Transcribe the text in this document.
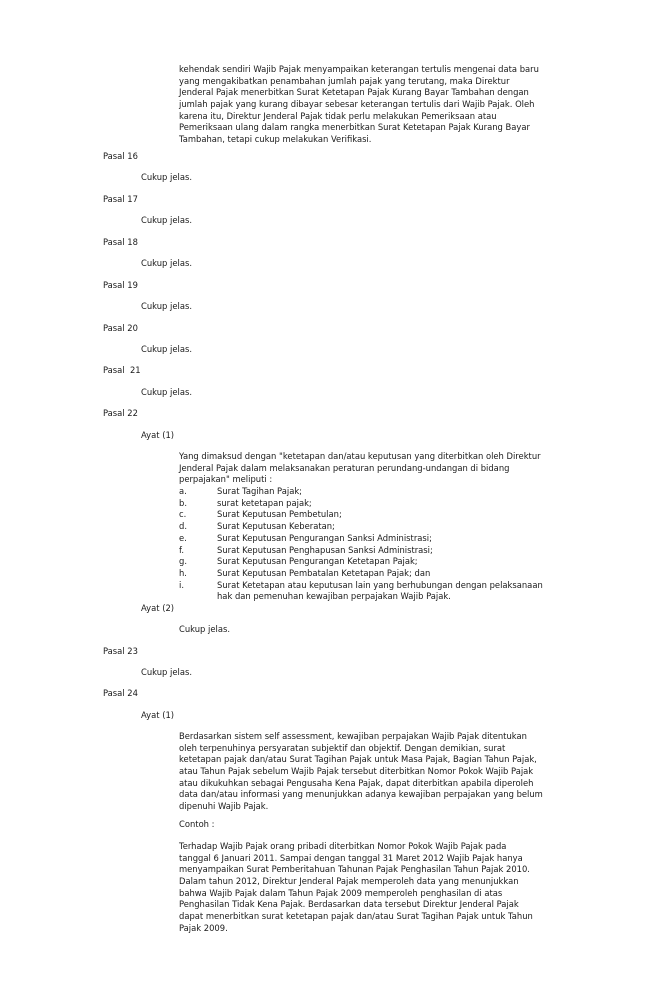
kehendak sendiri Wajib Pajak menyampaikan keterangan tertulis mengenai data baru
yang mengakibatkan penambahan jumlah pajak yang terutang, maka Direktur
Jenderal Pajak menerbitkan Surat Ketetapan Pajak Kurang Bayar Tambahan dengan
jumlah pajak yang kurang dibayar sebesar keterangan tertulis dari Wajib Pajak. Oleh
karena itu, Direktur Jenderal Pajak tidak perlu melakukan Pemeriksaan atau
Pemeriksaan ulang dalam rangka menerbitkan Surat Ketetapan Pajak Kurang Bayar
Tambahan, tetapi cukup melakukan Verifikasi.
Pasal 16
Cukup jelas.
Pasal 17
Cukup jelas.
Pasal 18
Cukup jelas.
Pasal 19
Cukup jelas.
Pasal 20
Cukup jelas.
Pasal  21
Cukup jelas.
Pasal 22
Ayat (1)
Yang dimaksud dengan "ketetapan dan/atau keputusan yang diterbitkan oleh Direktur
Jenderal Pajak dalam melaksanakan peraturan perundang-undangan di bidang
perpajakan" meliputi :
a.	Surat Tagihan Pajak;
b.	surat ketetapan pajak;
c.	Surat Keputusan Pembetulan;
d.	Surat Keputusan Keberatan;
e.	Surat Keputusan Pengurangan Sanksi Administrasi;
f.	Surat Keputusan Penghapusan Sanksi Administrasi;
g.	Surat Keputusan Pengurangan Ketetapan Pajak;
h.	Surat Keputusan Pembatalan Ketetapan Pajak; dan
i.	Surat Ketetapan atau keputusan lain yang berhubungan dengan pelaksanaan
hak dan pemenuhan kewajiban perpajakan Wajib Pajak.
Ayat (2)
Cukup jelas.
Pasal 23
Cukup jelas.
Pasal 24
Ayat (1)
Berdasarkan sistem self assessment, kewajiban perpajakan Wajib Pajak ditentukan
oleh terpenuhinya persyaratan subjektif dan objektif. Dengan demikian, surat
ketetapan pajak dan/atau Surat Tagihan Pajak untuk Masa Pajak, Bagian Tahun Pajak,
atau Tahun Pajak sebelum Wajib Pajak tersebut diterbitkan Nomor Pokok Wajib Pajak
atau dikukuhkan sebagai Pengusaha Kena Pajak, dapat diterbitkan apabila diperoleh
data dan/atau informasi yang menunjukkan adanya kewajiban perpajakan yang belum
dipenuhi Wajib Pajak.
Contoh :
Terhadap Wajib Pajak orang pribadi diterbitkan Nomor Pokok Wajib Pajak pada
tanggal 6 Januari 2011. Sampai dengan tanggal 31 Maret 2012 Wajib Pajak hanya
menyampaikan Surat Pemberitahuan Tahunan Pajak Penghasilan Tahun Pajak 2010.
Dalam tahun 2012, Direktur Jenderal Pajak memperoleh data yang menunjukkan
bahwa Wajib Pajak dalam Tahun Pajak 2009 memperoleh penghasilan di atas
Penghasilan Tidak Kena Pajak. Berdasarkan data tersebut Direktur Jenderal Pajak
dapat menerbitkan surat ketetapan pajak dan/atau Surat Tagihan Pajak untuk Tahun
Pajak 2009.
